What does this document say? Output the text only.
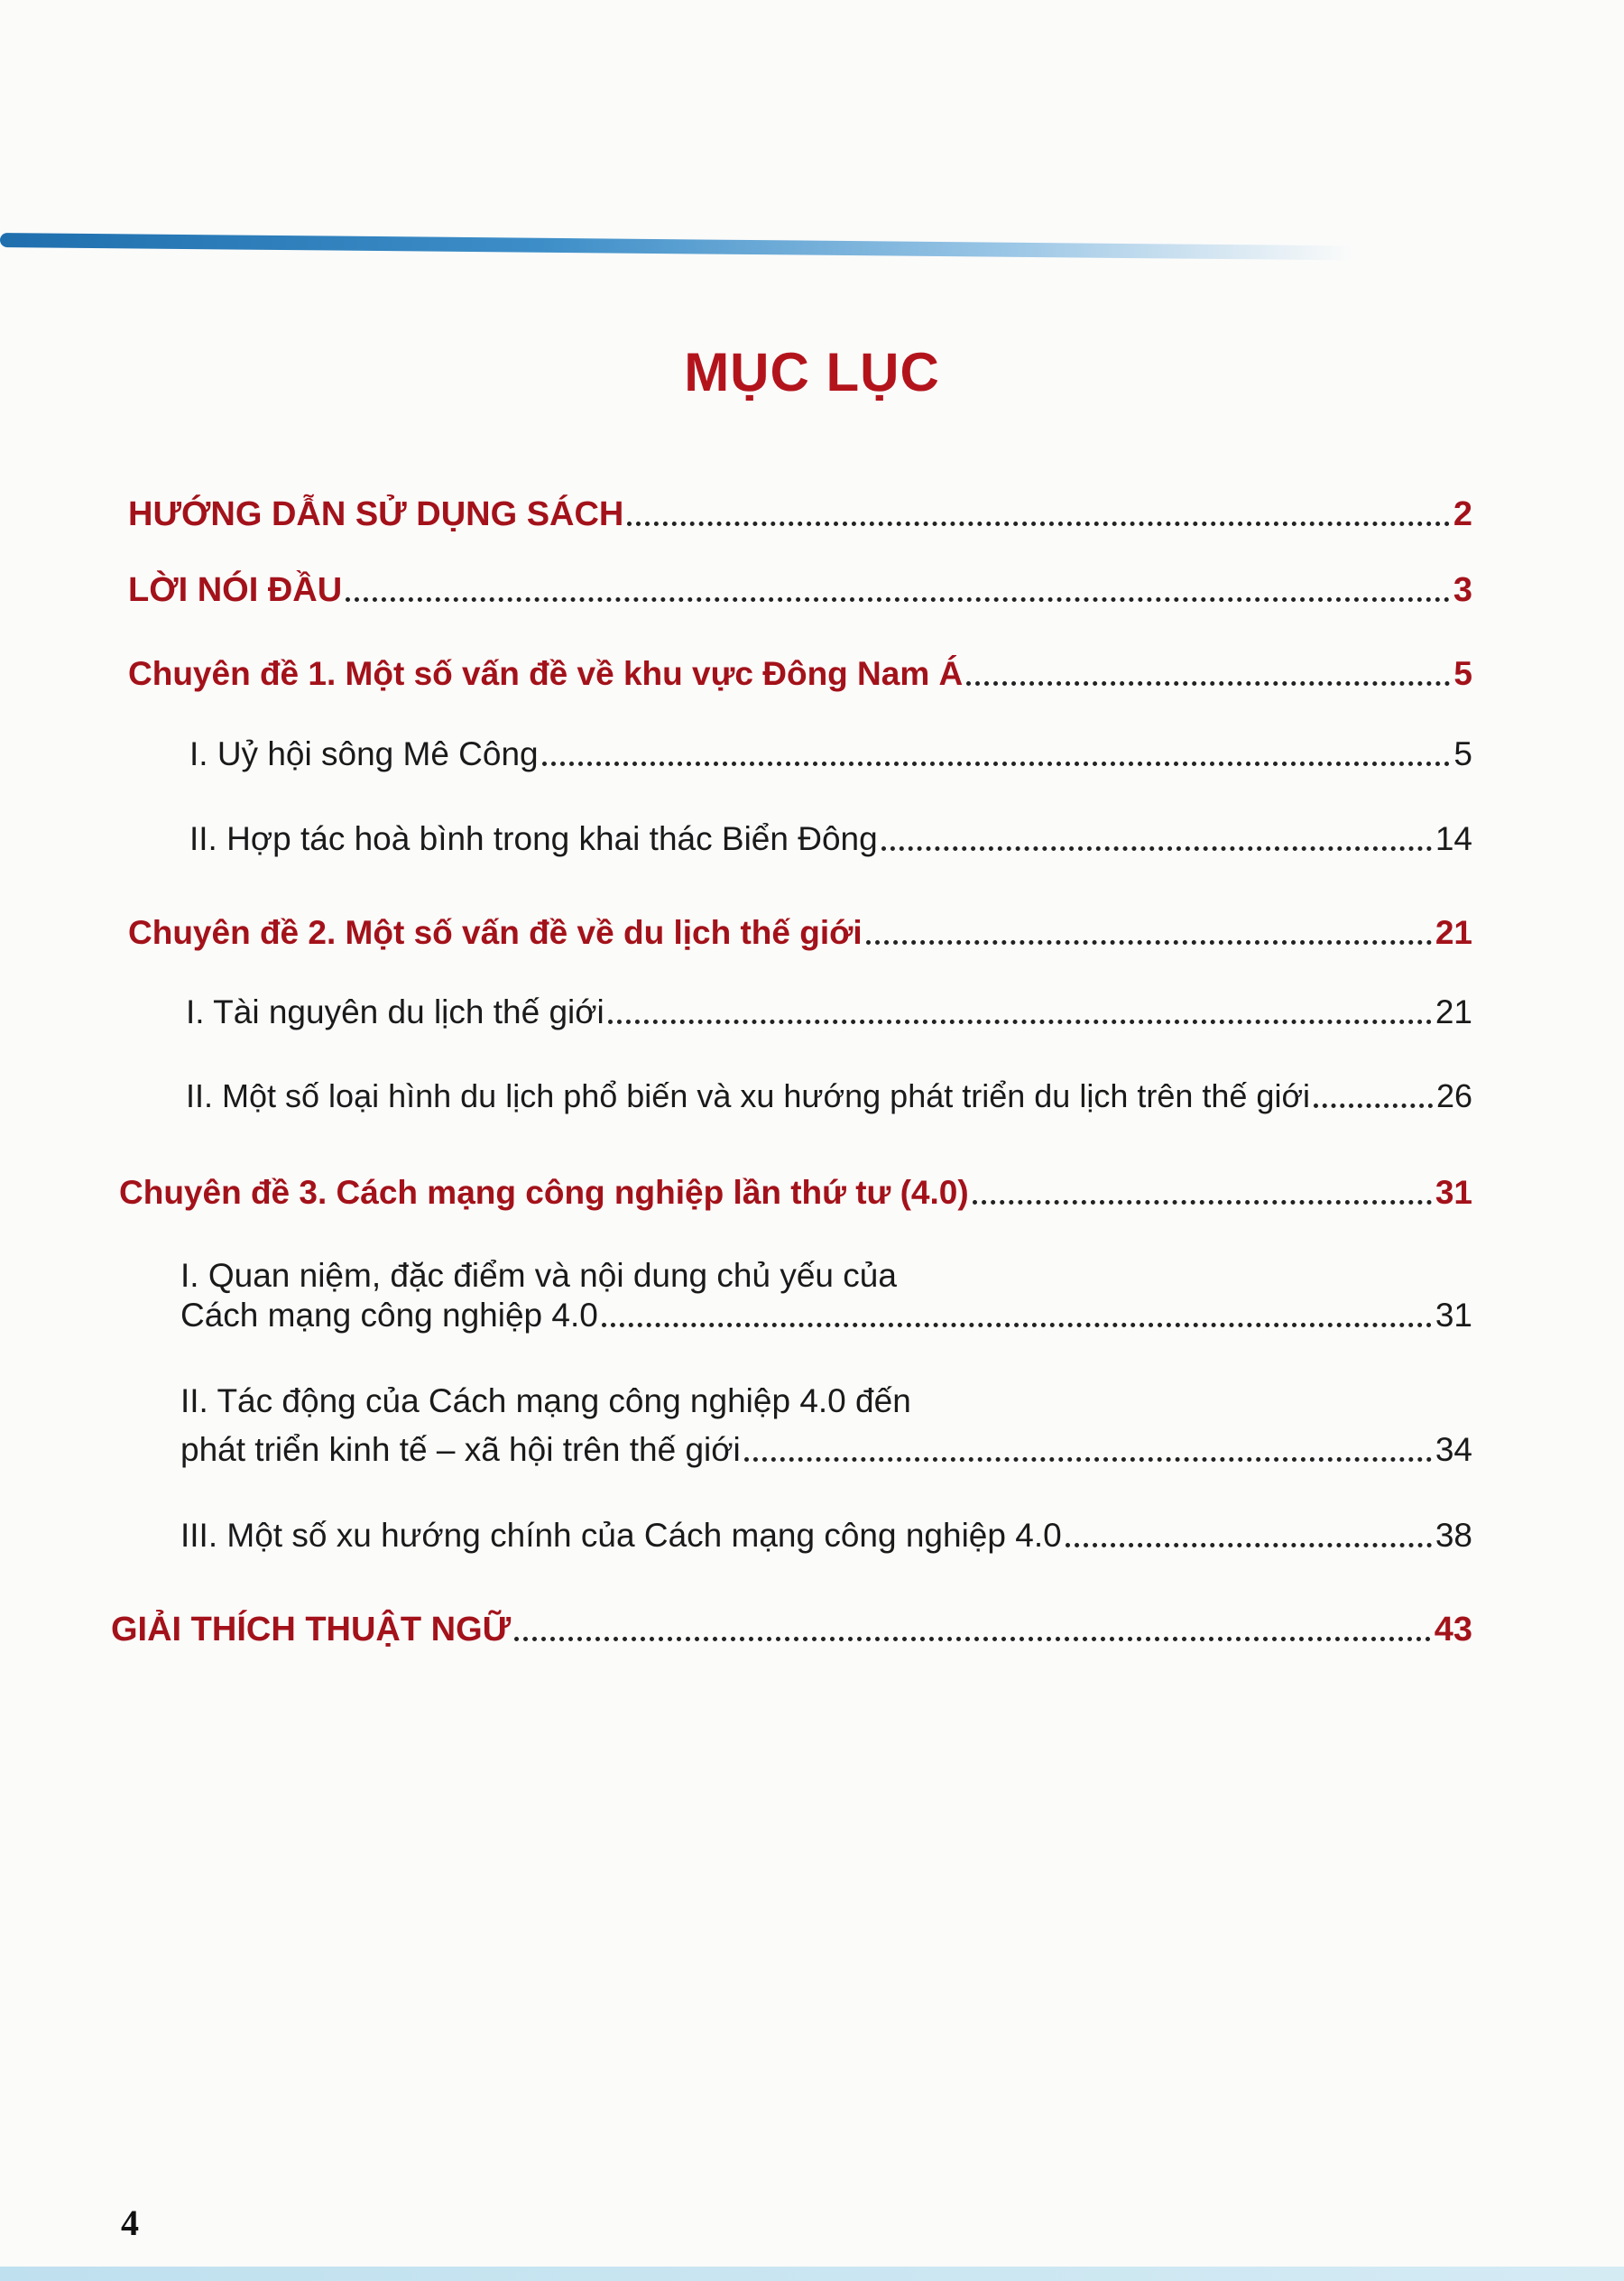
MỤC LỤC
HƯỚNG DẪN SỬ DỤNG SÁCH	2
LỜI NÓI ĐẦU	3
Chuyên đề 1. Một số vấn đề về khu vực Đông Nam Á	5
I. Uỷ hội sông Mê Công	5
II. Hợp tác hoà bình trong khai thác Biển Đông	14
Chuyên đề 2. Một số vấn đề về du lịch thế giới	21
I. Tài nguyên du lịch thế giới	21
II. Một số loại hình du lịch phổ biến và xu hướng phát triển du lịch trên thế giới	26
Chuyên đề 3. Cách mạng công nghiệp lần thứ tư (4.0)	31
I. Quan niệm, đặc điểm và nội dung chủ yếu của
Cách mạng công nghiệp 4.0	31
II. Tác động của Cách mạng công nghiệp 4.0 đến
phát triển kinh tế – xã hội trên thế giới	34
III. Một số xu hướng chính của Cách mạng công nghiệp 4.0	38
GIẢI THÍCH THUẬT NGỮ	43
4
